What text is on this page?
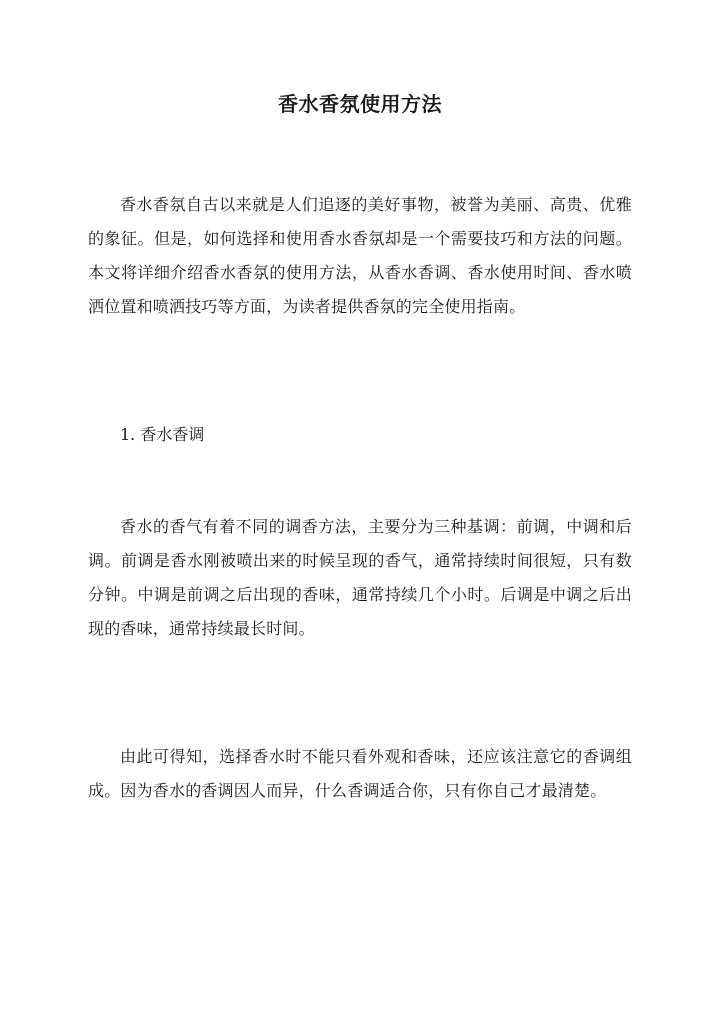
香水香氛使用方法

香水香氛自古以来就是人们追逐的美好事物，被誉为美丽、高贵、优雅的象征。但是，如何选择和使用香水香氛却是一个需要技巧和方法的问题。本文将详细介绍香水香氛的使用方法，从香水香调、香水使用时间、香水喷洒位置和喷洒技巧等方面，为读者提供香氛的完全使用指南。

1. 香水香调

香水的香气有着不同的调香方法，主要分为三种基调：前调，中调和后调。前调是香水刚被喷出来的时候呈现的香气，通常持续时间很短，只有数分钟。中调是前调之后出现的香味，通常持续几个小时。后调是中调之后出现的香味，通常持续最长时间。

由此可得知，选择香水时不能只看外观和香味，还应该注意它的香调组成。因为香水的香调因人而异，什么香调适合你，只有你自己才最清楚。
